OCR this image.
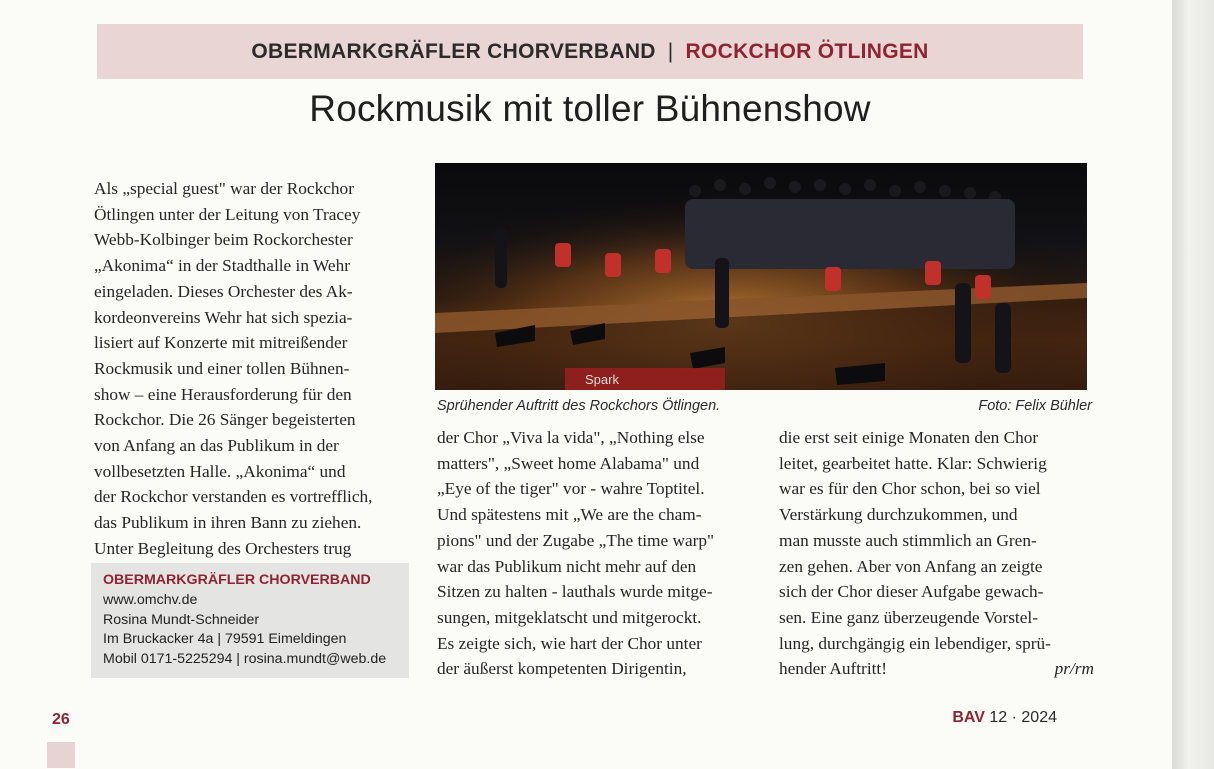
OBERMARKGRÄFLER CHORVERBAND | ROCKCHOR ÖTLINGEN
Rockmusik mit toller Bühnenshow
Als „special guest" war der Rockchor
Ötlingen unter der Leitung von Tracey
Webb-Kolbinger beim Rockorchester
„Akonima“ in der Stadthalle in Wehr
eingeladen. Dieses Orchester des Ak-
kordeonvereins Wehr hat sich spezia-
lisiert auf Konzerte mit mitreißender
Rockmusik und einer tollen Bühnen-
show – eine Herausforderung für den
Rockchor. Die 26 Sänger begeisterten
von Anfang an das Publikum in der
vollbesetzten Halle. „Akonima“ und
der Rockchor verstanden es vortrefflich,
das Publikum in ihren Bann zu ziehen.
Unter Begleitung des Orchesters trug
Spark
Sprühender Auftritt des Rockchors Ötlingen.	Foto: Felix Bühler
der Chor „Viva la vida", „Nothing else
matters", „Sweet home Alabama" und
„Eye of the tiger" vor - wahre Toptitel.
Und spätestens mit „We are the cham-
pions" und der Zugabe „The time warp"
war das Publikum nicht mehr auf den
Sitzen zu halten - lauthals wurde mitge-
sungen, mitgeklatscht und mitgerockt.
Es zeigte sich, wie hart der Chor unter
der äußerst kompetenten Dirigentin,
die erst seit einige Monaten den Chor
leitet, gearbeitet hatte. Klar: Schwierig
war es für den Chor schon, bei so viel
Verstärkung durchzukommen, und
man musste auch stimmlich an Gren-
zen gehen. Aber von Anfang an zeigte
sich der Chor dieser Aufgabe gewach-
sen. Eine ganz überzeugende Vorstel-
lung, durchgängig ein lebendiger, sprü-
hender Auftritt!	pr/rm
OBERMARKGRÄFLER CHORVERBAND
www.omchv.de
Rosina Mundt-Schneider
Im Bruckacker 4a | 79591 Eimeldingen
Mobil 0171-5225294 | rosina.mundt@web.de
26	BAV 12 · 2024
